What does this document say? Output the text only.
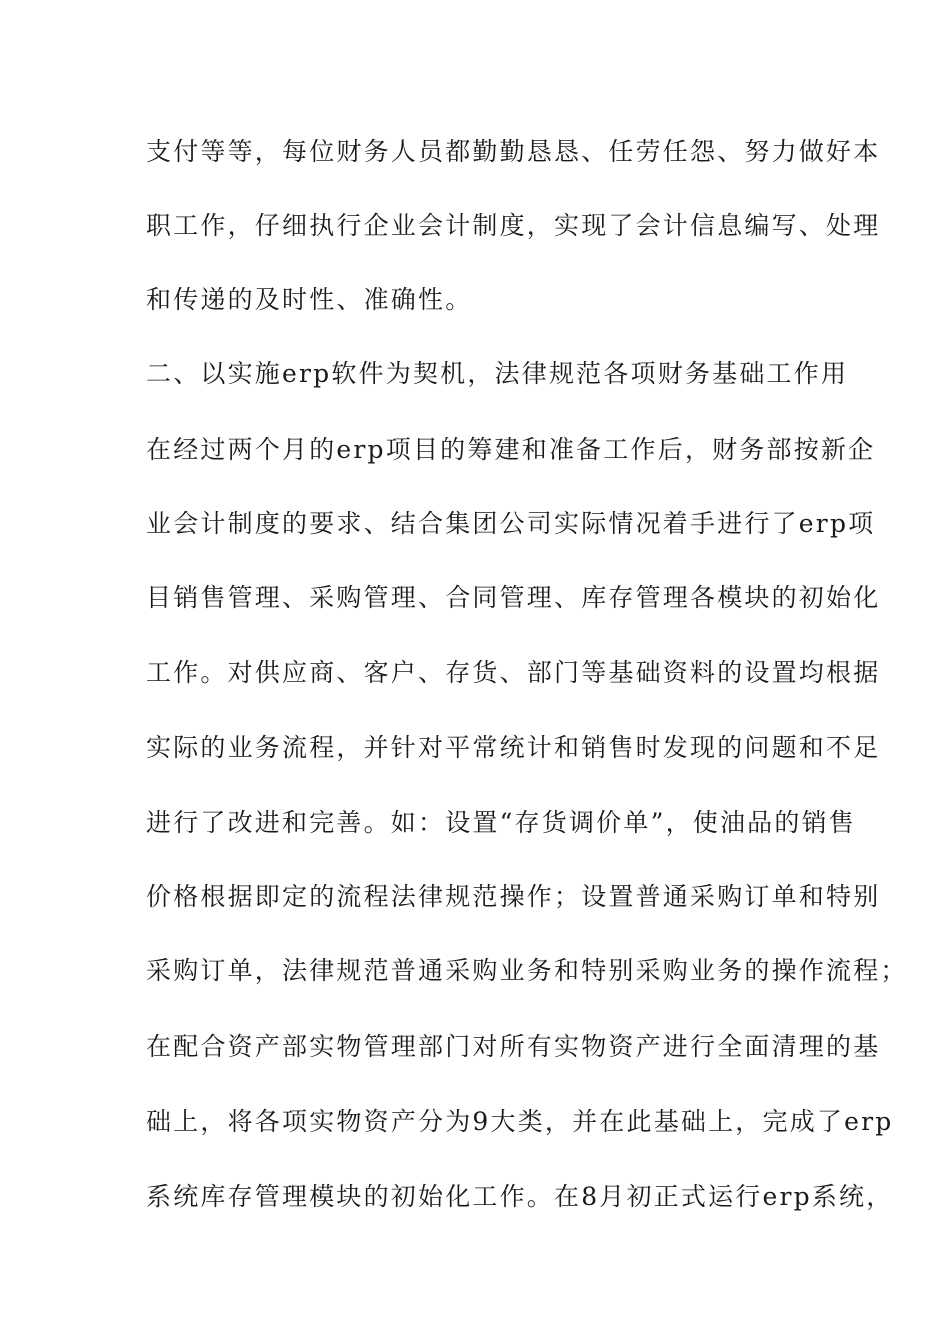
支付等等，每位财务人员都勤勤恳恳、任劳任怨、努力做好本
职工作，仔细执行企业会计制度，实现了会计信息编写、处理
和传递的及时性、准确性。
二、以实施erp软件为契机，法律规范各项财务基础工作用
在经过两个月的erp项目的筹建和准备工作后，财务部按新企
业会计制度的要求、结合集团公司实际情况着手进行了erp项
目销售管理、采购管理、合同管理、库存管理各模块的初始化
工作。对供应商、客户、存货、部门等基础资料的设置均根据
实际的业务流程，并针对平常统计和销售时发现的问题和不足
进行了改进和完善。如：设置“存货调价单”，使油品的销售
价格根据即定的流程法律规范操作；设置普通采购订单和特别
采购订单，法律规范普通采购业务和特别采购业务的操作流程；
在配合资产部实物管理部门对所有实物资产进行全面清理的基
础上，将各项实物资产分为9大类，并在此基础上，完成了erp
系统库存管理模块的初始化工作。在8月初正式运行erp系统，
